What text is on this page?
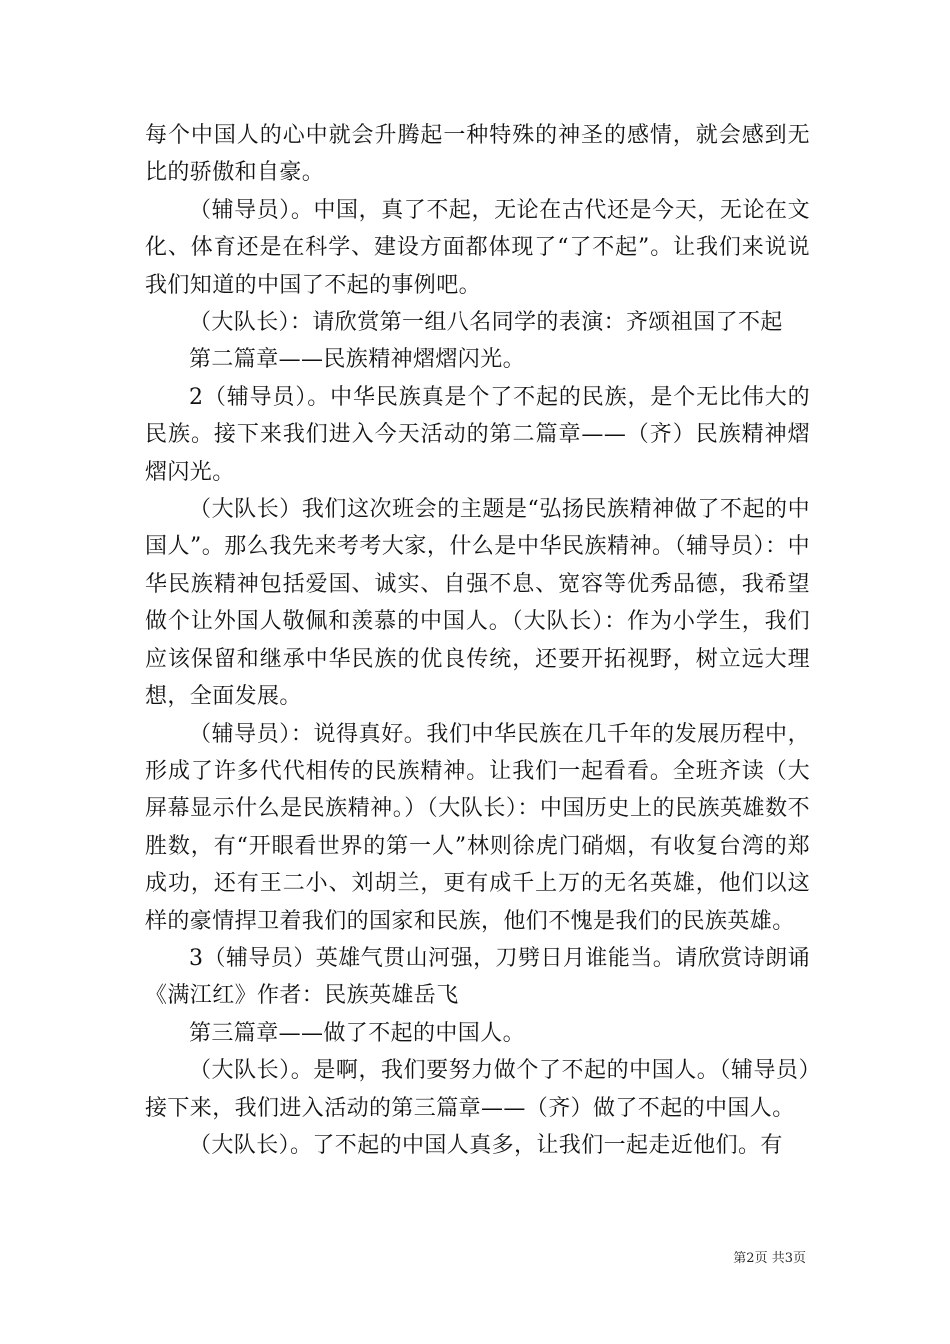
每个中国人的心中就会升腾起一种特殊的神圣的感情，就会感到无比的骄傲和自豪。

（辅导员）。中国，真了不起，无论在古代还是今天，无论在文化、体育还是在科学、建设方面都体现了“了不起”。让我们来说说我们知道的中国了不起的事例吧。

（大队长）：请欣赏第一组八名同学的表演：齐颂祖国了不起

第二篇章——民族精神熠熠闪光。

2（辅导员）。中华民族真是个了不起的民族，是个无比伟大的民族。接下来我们进入今天活动的第二篇章——（齐）民族精神熠熠闪光。

（大队长）我们这次班会的主题是“弘扬民族精神做了不起的中国人”。那么我先来考考大家，什么是中华民族精神。（辅导员）：中华民族精神包括爱国、诚实、自强不息、宽容等优秀品德，我希望做个让外国人敬佩和羡慕的中国人。（大队长）：作为小学生，我们应该保留和继承中华民族的优良传统，还要开拓视野，树立远大理想，全面发展。

（辅导员）：说得真好。我们中华民族在几千年的发展历程中，形成了许多代代相传的民族精神。让我们一起看看。全班齐读（大屏幕显示什么是民族精神。）（大队长）：中国历史上的民族英雄数不胜数，有“开眼看世界的第一人”林则徐虎门硝烟，有收复台湾的郑成功，还有王二小、刘胡兰，更有成千上万的无名英雄，他们以这样的豪情捍卫着我们的国家和民族，他们不愧是我们的民族英雄。

3（辅导员）英雄气贯山河强，刀劈日月谁能当。请欣赏诗朗诵《满江红》作者：民族英雄岳飞

第三篇章——做了不起的中国人。

（大队长）。是啊，我们要努力做个了不起的中国人。（辅导员）接下来，我们进入活动的第三篇章——（齐）做了不起的中国人。

（大队长）。了不起的中国人真多，让我们一起走近他们。有

第2页 共3页
